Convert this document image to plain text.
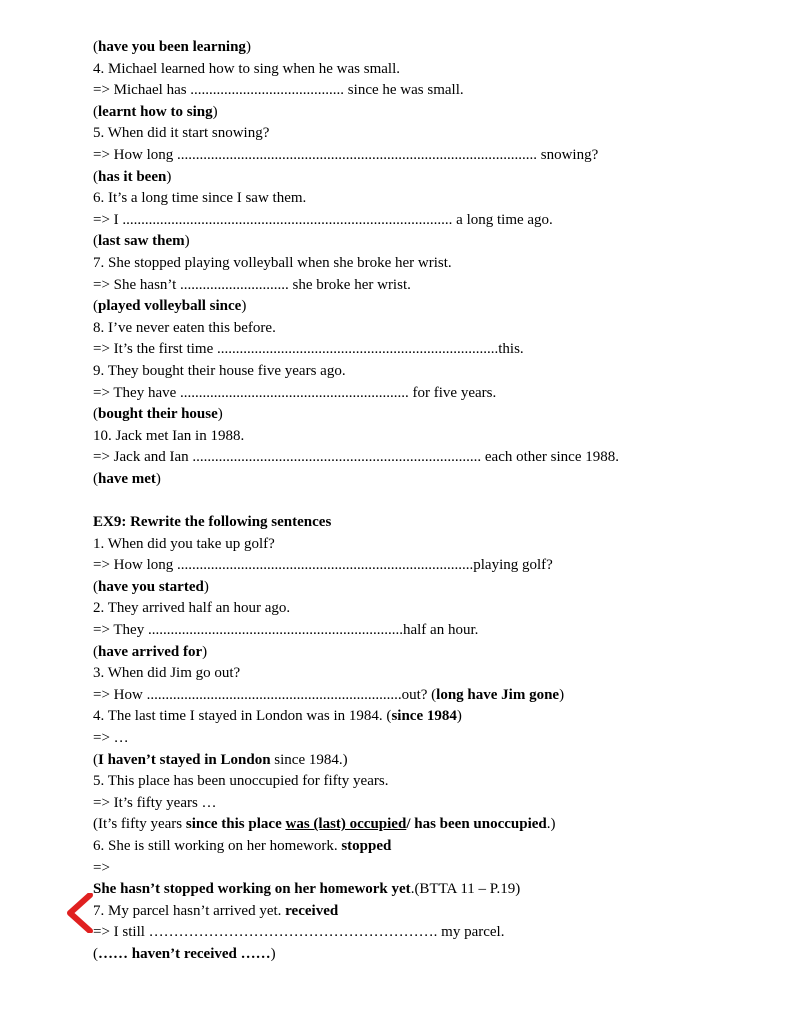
(have you been learning)
4. Michael learned how to sing when he was small.
=> Michael has ......................................... since he was small.
(learnt how to sing)
5. When did it start snowing?
=> How long ................................................................................................ snowing?
(has it been)
6. It’s a long time since I saw them.
=> I ........................................................................................ a long time ago.
(last saw them)
7. She stopped playing volleyball when she broke her wrist.
=> She hasn’t ............................. she broke her wrist.
(played volleyball since)
8. I’ve never eaten this before.
=> It’s the first time ...........................................................................this.
9. They bought their house five years ago.
=> They have ............................................................. for five years.
(bought their house)
10. Jack met Ian in 1988.
=> Jack and Ian ............................................................................. each other since 1988.
(have met)
EX9: Rewrite the following sentences
1. When did you take up golf?
=> How long ...............................................................................playing golf?
(have you started)
2. They arrived half an hour ago.
=> They ....................................................................half an hour.
(have arrived for)
3. When did Jim go out?
=> How ....................................................................out? (long have Jim gone)
4. The last time I stayed in London was in 1984. (since 1984)
=> …
(I haven’t stayed in London since 1984.)
5. This place has been unoccupied for fifty years.
=> It’s fifty years …
(It’s fifty years since this place was (last) occupied/ has been unoccupied.)
6. She is still working on her homework. stopped
=>
She hasn’t stopped working on her homework yet.(BTTA 11 – P.19)
7. My parcel hasn’t arrived yet. received
=> I still …………………………………………………. my parcel.
(…… haven’t received ……)
